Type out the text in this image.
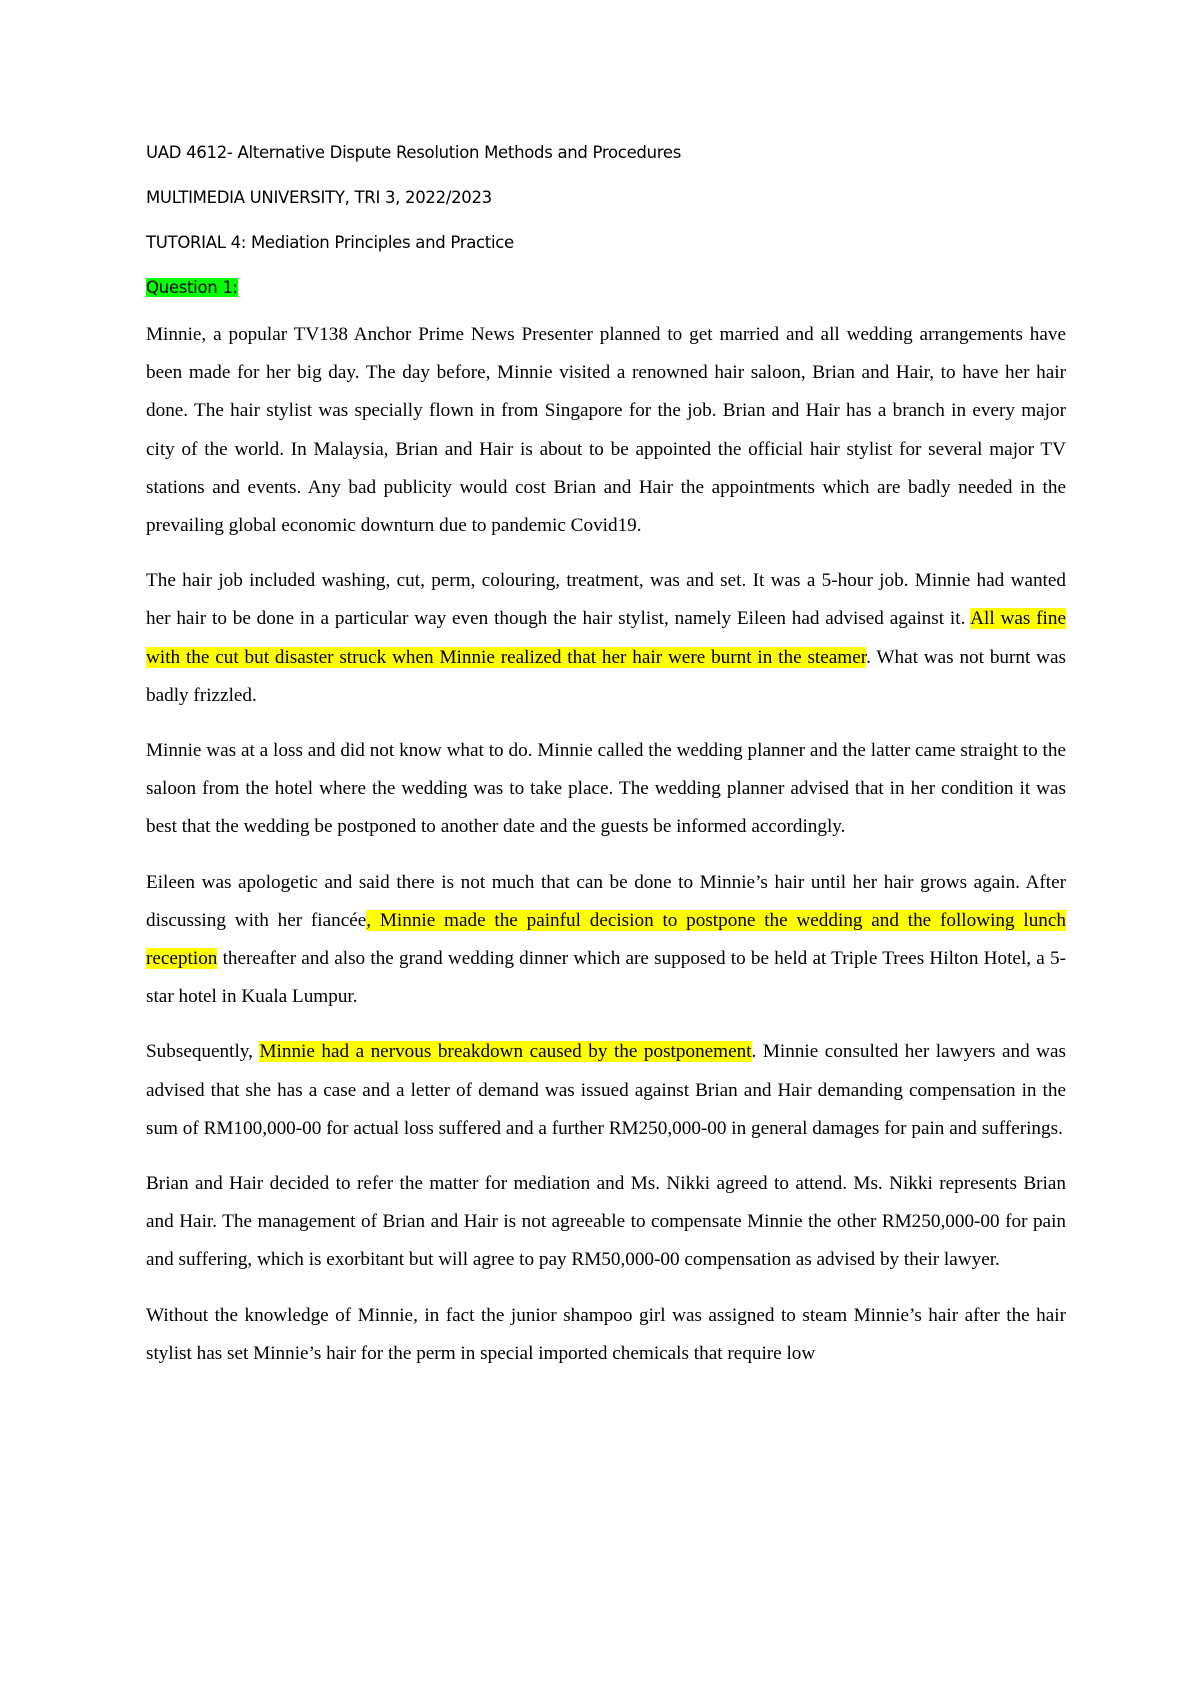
UAD 4612- Alternative Dispute Resolution Methods and Procedures
MULTIMEDIA UNIVERSITY, TRI 3, 2022/2023
TUTORIAL 4: Mediation Principles and Practice
Question 1:

Minnie, a popular TV138 Anchor Prime News Presenter planned to get married and all wedding arrangements have been made for her big day. The day before, Minnie visited a renowned hair saloon, Brian and Hair, to have her hair done. The hair stylist was specially flown in from Singapore for the job. Brian and Hair has a branch in every major city of the world. In Malaysia, Brian and Hair is about to be appointed the official hair stylist for several major TV stations and events. Any bad publicity would cost Brian and Hair the appointments which are badly needed in the prevailing global economic downturn due to pandemic Covid19.

The hair job included washing, cut, perm, colouring, treatment, was and set. It was a 5-hour job. Minnie had wanted her hair to be done in a particular way even though the hair stylist, namely Eileen had advised against it. All was fine with the cut but disaster struck when Minnie realized that her hair were burnt in the steamer. What was not burnt was badly frizzled.

Minnie was at a loss and did not know what to do. Minnie called the wedding planner and the latter came straight to the saloon from the hotel where the wedding was to take place. The wedding planner advised that in her condition it was best that the wedding be postponed to another date and the guests be informed accordingly.

Eileen was apologetic and said there is not much that can be done to Minnie’s hair until her hair grows again. After discussing with her fiancée, Minnie made the painful decision to postpone the wedding and the following lunch reception thereafter and also the grand wedding dinner which are supposed to be held at Triple Trees Hilton Hotel, a 5-star hotel in Kuala Lumpur.

Subsequently, Minnie had a nervous breakdown caused by the postponement. Minnie consulted her lawyers and was advised that she has a case and a letter of demand was issued against Brian and Hair demanding compensation in the sum of RM100,000-00 for actual loss suffered and a further RM250,000-00 in general damages for pain and sufferings.

Brian and Hair decided to refer the matter for mediation and Ms. Nikki agreed to attend. Ms. Nikki represents Brian and Hair. The management of Brian and Hair is not agreeable to compensate Minnie the other RM250,000-00 for pain and suffering, which is exorbitant but will agree to pay RM50,000-00 compensation as advised by their lawyer.

Without the knowledge of Minnie, in fact the junior shampoo girl was assigned to steam Minnie’s hair after the hair stylist has set Minnie’s hair for the perm in special imported chemicals that require low
